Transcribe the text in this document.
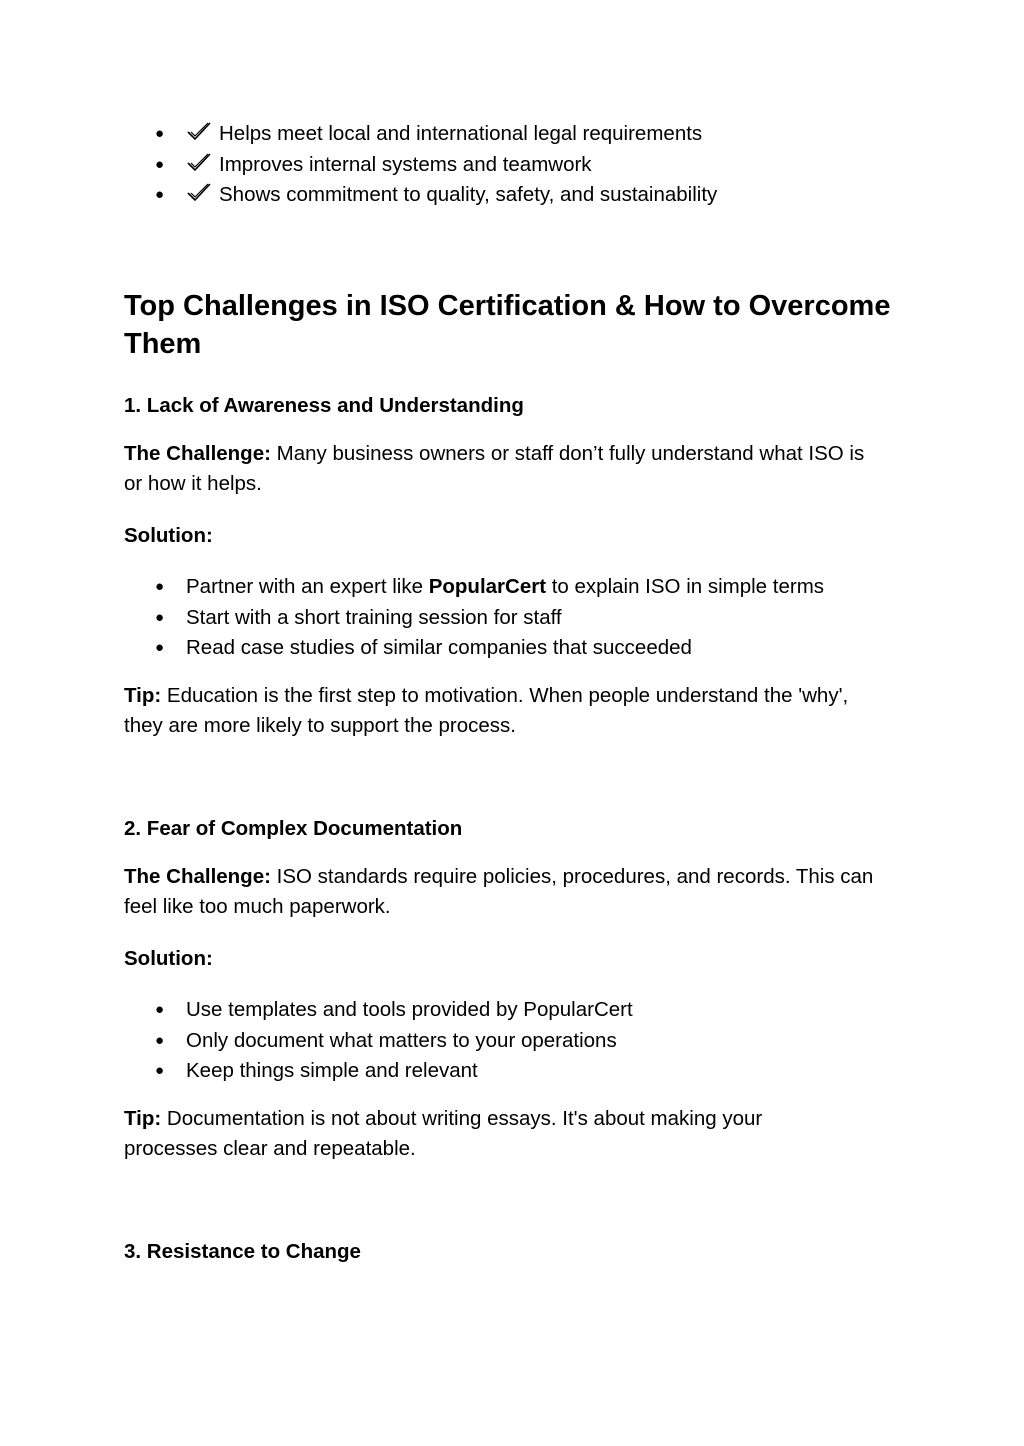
●	Helps meet local and international legal requirements
●	Improves internal systems and teamwork
●	Shows commitment to quality, safety, and sustainability
Top Challenges in ISO Certification & How to Overcome Them
1. Lack of Awareness and Understanding

The Challenge: Many business owners or staff don’t fully understand what ISO is or how it helps.

Solution:

● Partner with an expert like PopularCert to explain ISO in simple terms
● Start with a short training session for staff
● Read case studies of similar companies that succeeded

Tip: Education is the first step to motivation. When people understand the 'why', they are more likely to support the process.

2. Fear of Complex Documentation

The Challenge: ISO standards require policies, procedures, and records. This can feel like too much paperwork.

Solution:

● Use templates and tools provided by PopularCert
● Only document what matters to your operations
● Keep things simple and relevant

Tip: Documentation is not about writing essays. It's about making your processes clear and repeatable.

3. Resistance to Change
